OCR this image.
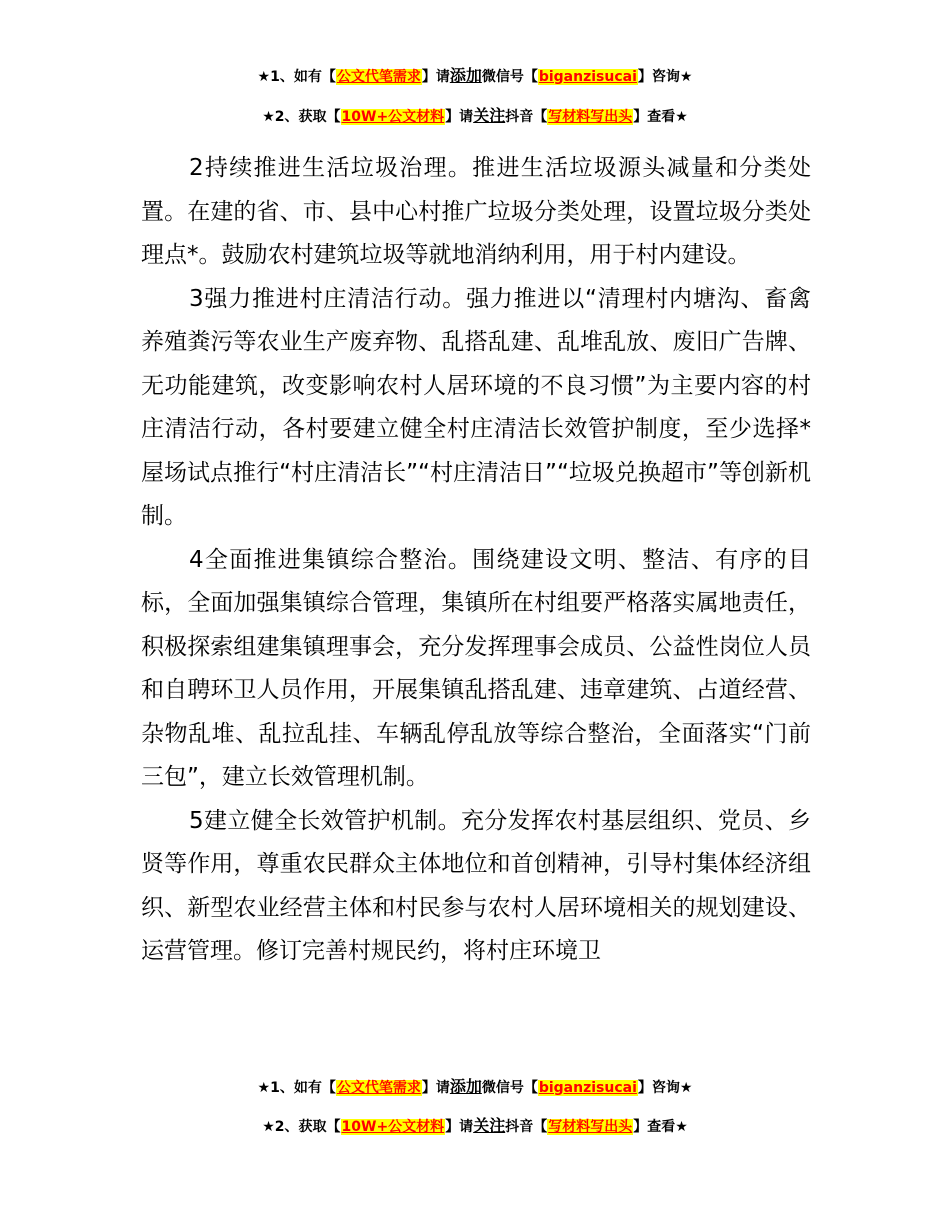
★1、如有【公文代笔需求】请添加微信号【biganzisucai】咨询★
★2、获取【10W+公文材料】请关注抖音【写材料写出头】查看★

2持续推进生活垃圾治理。推进生活垃圾源头减量和分类处置。在建的省、市、县中心村推广垃圾分类处理，设置垃圾分类处理点*。鼓励农村建筑垃圾等就地消纳利用，用于村内建设。

3强力推进村庄清洁行动。强力推进以“清理村内塘沟、畜禽养殖粪污等农业生产废弃物、乱搭乱建、乱堆乱放、废旧广告牌、无功能建筑，改变影响农村人居环境的不良习惯”为主要内容的村庄清洁行动，各村要建立健全村庄清洁长效管护制度，至少选择*屋场试点推行“村庄清洁长”“村庄清洁日”“垃圾兑换超市”等创新机制。

4全面推进集镇综合整治。围绕建设文明、整洁、有序的目标，全面加强集镇综合管理，集镇所在村组要严格落实属地责任，积极探索组建集镇理事会，充分发挥理事会成员、公益性岗位人员和自聘环卫人员作用，开展集镇乱搭乱建、违章建筑、占道经营、杂物乱堆、乱拉乱挂、车辆乱停乱放等综合整治，全面落实“门前三包”，建立长效管理机制。

5建立健全长效管护机制。充分发挥农村基层组织、党员、乡贤等作用，尊重农民群众主体地位和首创精神，引导村集体经济组织、新型农业经营主体和村民参与农村人居环境相关的规划建设、运营管理。修订完善村规民约，将村庄环境卫

★1、如有【公文代笔需求】请添加微信号【biganzisucai】咨询★
★2、获取【10W+公文材料】请关注抖音【写材料写出头】查看★
